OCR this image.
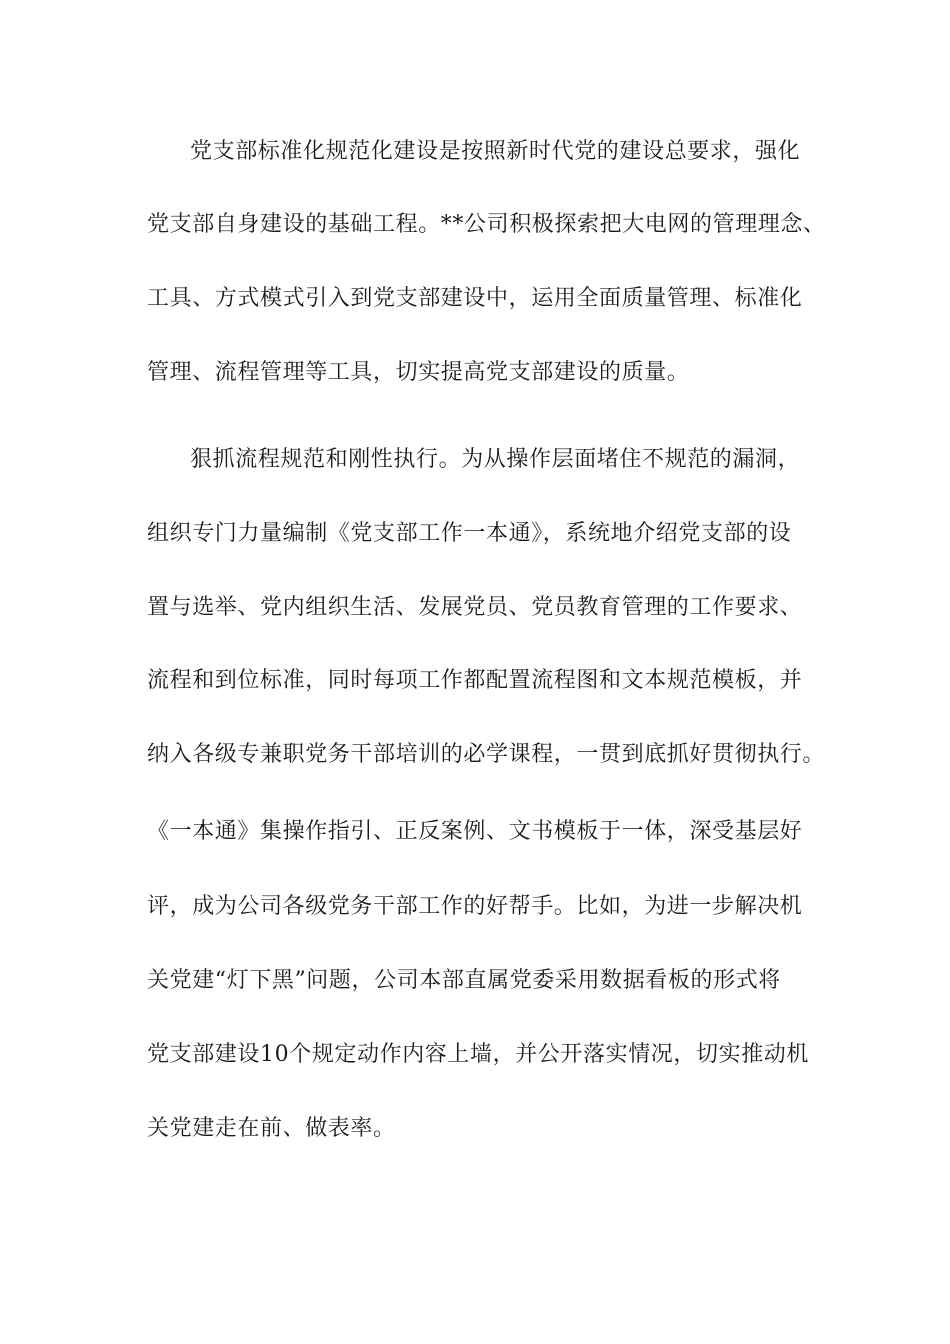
党支部标准化规范化建设是按照新时代党的建设总要求，强化
党支部自身建设的基础工程。**公司积极探索把大电网的管理理念、
工具、方式模式引入到党支部建设中，运用全面质量管理、标准化
管理、流程管理等工具，切实提高党支部建设的质量。
狠抓流程规范和刚性执行。为从操作层面堵住不规范的漏洞，
组织专门力量编制《党支部工作一本通》，系统地介绍党支部的设
置与选举、党内组织生活、发展党员、党员教育管理的工作要求、
流程和到位标准，同时每项工作都配置流程图和文本规范模板，并
纳入各级专兼职党务干部培训的必学课程，一贯到底抓好贯彻执行。
《一本通》集操作指引、正反案例、文书模板于一体，深受基层好
评，成为公司各级党务干部工作的好帮手。比如，为进一步解决机
关党建“灯下黑”问题，公司本部直属党委采用数据看板的形式将
党支部建设10个规定动作内容上墙，并公开落实情况，切实推动机
关党建走在前、做表率。
